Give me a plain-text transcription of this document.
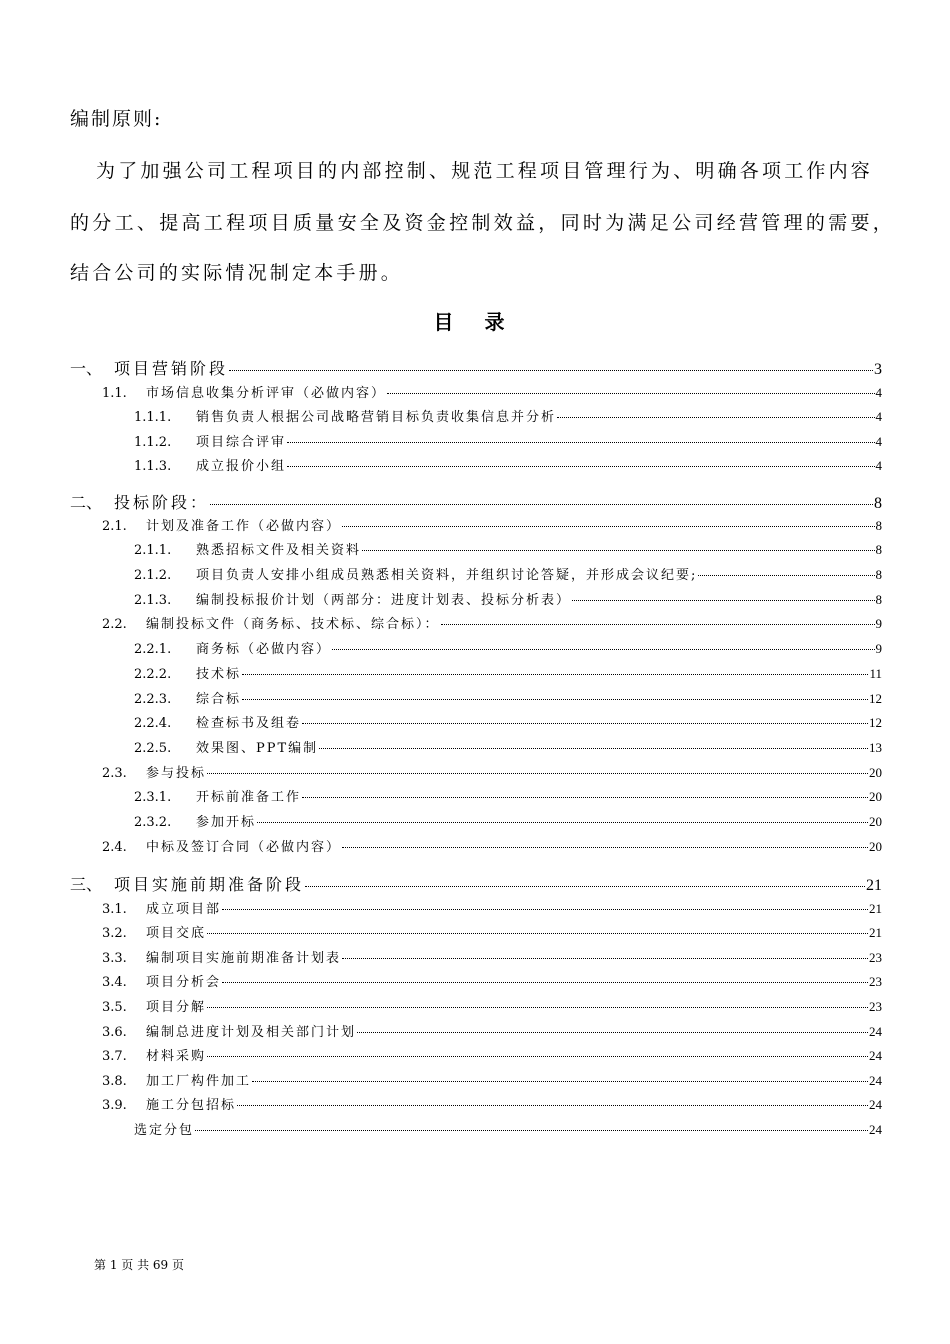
编制原则:
为了加强公司工程项目的内部控制、规范工程项目管理行为、明确各项工作内容
的分工、提高工程项目质量安全及资金控制效益，同时为满足公司经营管理的需要，
结合公司的实际情况制定本手册。
目 录
一、 项目营销阶段	3
1.1.	市场信息收集分析评审（必做内容）	4
1.1.1.	销售负责人根据公司战略营销目标负责收集信息并分析	4
1.1.2.	项目综合评审	4
1.1.3.	成立报价小组	4
二、 投标阶段：	8
2.1.	计划及准备工作（必做内容）	8
2.1.1.	熟悉招标文件及相关资料	8
2.1.2.	项目负责人安排小组成员熟悉相关资料，并组织讨论答疑，并形成会议纪要;	8
2.1.3.	编制投标报价计划（两部分：进度计划表、投标分析表）	8
2.2.	编制投标文件（商务标、技术标、综合标）：	9
2.2.1.	商务标（必做内容）	9
2.2.2.	技术标	11
2.2.3.	综合标	12
2.2.4.	检查标书及组卷	12
2.2.5.	效果图、PPT编制	13
2.3.	参与投标	20
2.3.1.	开标前准备工作	20
2.3.2.	参加开标	20
2.4.	中标及签订合同（必做内容）	20
三、 项目实施前期准备阶段	21
3.1.	成立项目部	21
3.2.	项目交底	21
3.3.	编制项目实施前期准备计划表	23
3.4.	项目分析会	23
3.5.	项目分解	23
3.6.	编制总进度计划及相关部门计划	24
3.7.	材料采购	24
3.8.	加工厂构件加工	24
3.9.	施工分包招标	24
选定分包	24
第 1 页 共 69 页
